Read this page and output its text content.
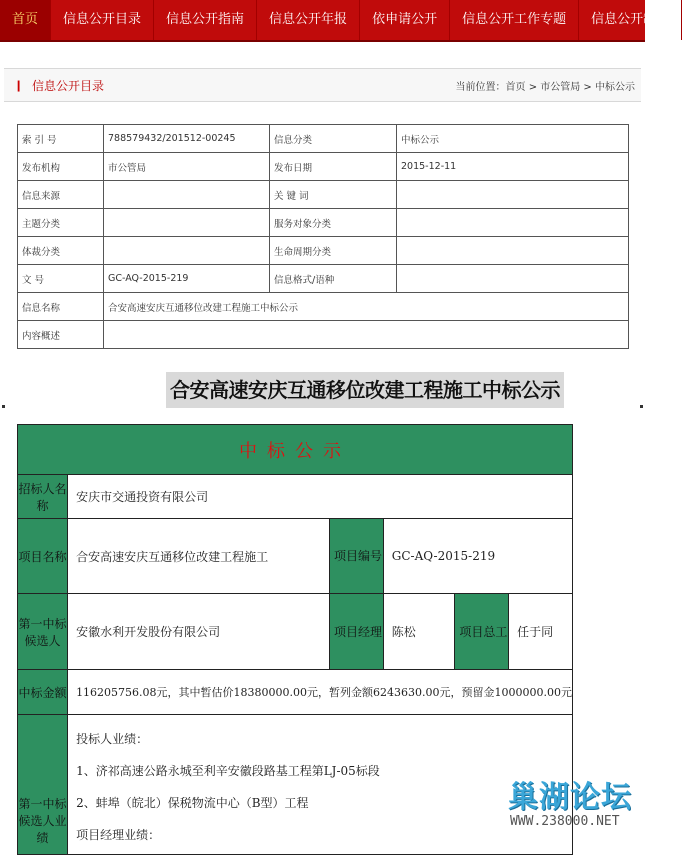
首页	信息公开目录	信息公开指南	信息公开年报	依申请公开	信息公开工作专题	信息公开制度
❙ 信息公开目录	当前位置：首页 > 市公管局 > 中标公示
索 引 号	788579432/201512-00245	信息分类	中标公示
发布机构	市公管局	发布日期	2015-12-11
信息来源		关 键 词	
主题分类		服务对象分类	
体裁分类		生命周期分类	
文 号	GC-AQ-2015-219	信息格式/语种	
信息名称	合安高速安庆互通移位改建工程施工中标公示		
内容概述			
合安高速安庆互通移位改建工程施工中标公示
中标公示					
招标人名称	安庆市交通投资有限公司				
项目名称	合安高速安庆互通移位改建工程施工	项目编号	GC-AQ-2015-219		
第一中标候选人	安徽水利开发股份有限公司	项目经理	陈松	项目总工	任于同
中标金额	116205756.08元，其中暂估价18380000.00元，暂列金额6243630.00元，预留金1000000.00元				
第一中标候选人业绩	投标人业绩：
1、济祁高速公路永城至利辛安徽段路基工程第LJ-05标段
2、蚌埠（皖北）保税物流中心（B型）工程
项目经理业绩：				
巢湖论坛
WWW.238000.NET
